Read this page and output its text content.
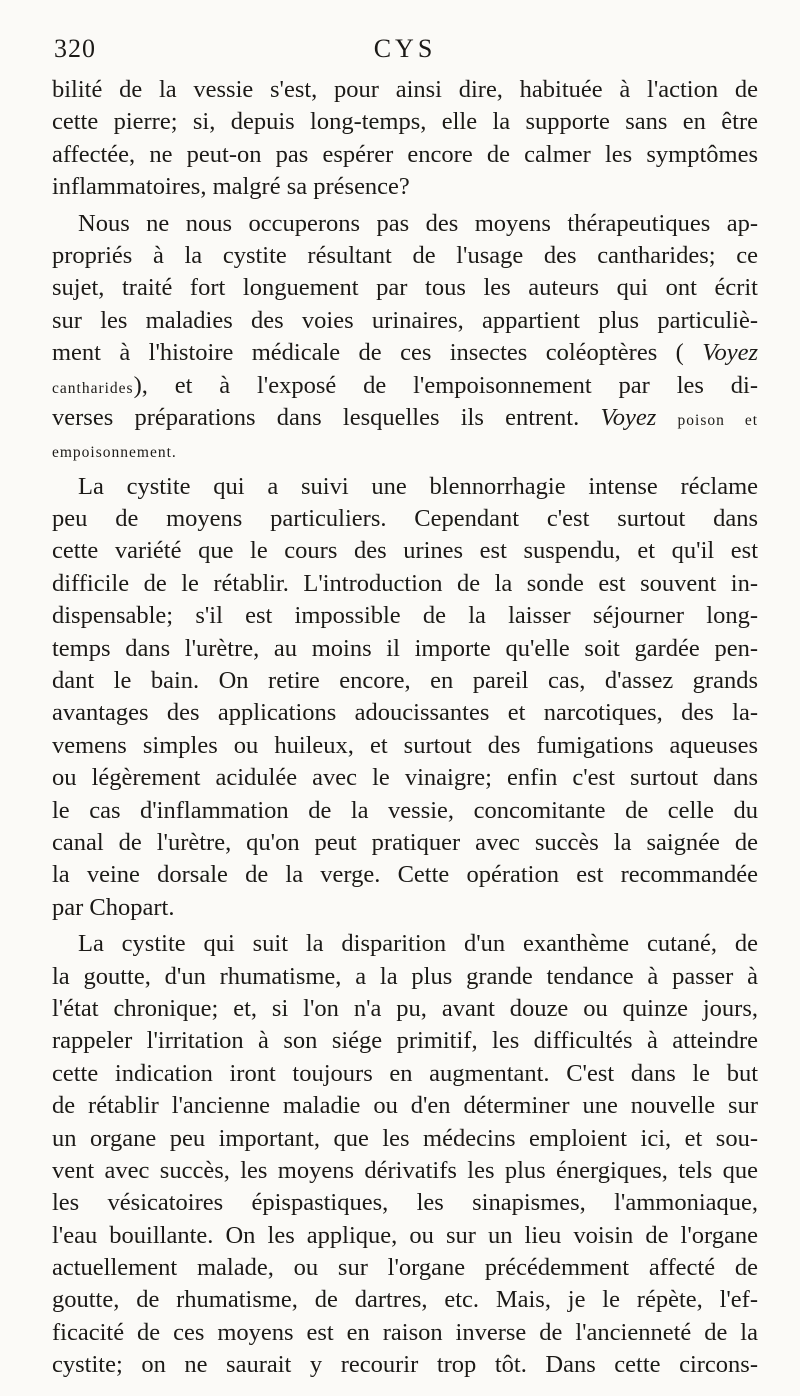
320	CYS
bilité de la vessie s'est, pour ainsi dire, habituée à l'action de
cette pierre; si, depuis long-temps, elle la supporte sans en être
affectée, ne peut-on pas espérer encore de calmer les symptômes
inflammatoires, malgré sa présence?
Nous ne nous occuperons pas des moyens thérapeutiques ap-
propriés à la cystite résultant de l'usage des cantharides; ce
sujet, traité fort longuement par tous les auteurs qui ont écrit
sur les maladies des voies urinaires, appartient plus particuliè-
ment à l'histoire médicale de ces insectes coléoptères ( Voyez
cantharides), et à l'exposé de l'empoisonnement par les di-
verses préparations dans lesquelles ils entrent. Voyez poison et
empoisonnement.
La cystite qui a suivi une blennorrhagie intense réclame
peu de moyens particuliers. Cependant c'est surtout dans
cette variété que le cours des urines est suspendu, et qu'il est
difficile de le rétablir. L'introduction de la sonde est souvent in-
dispensable; s'il est impossible de la laisser séjourner long-
temps dans l'urètre, au moins il importe qu'elle soit gardée pen-
dant le bain. On retire encore, en pareil cas, d'assez grands
avantages des applications adoucissantes et narcotiques, des la-
vemens simples ou huileux, et surtout des fumigations aqueuses
ou légèrement acidulée avec le vinaigre; enfin c'est surtout dans
le cas d'inflammation de la vessie, concomitante de celle du
canal de l'urètre, qu'on peut pratiquer avec succès la saignée de
la veine dorsale de la verge. Cette opération est recommandée
par Chopart.
La cystite qui suit la disparition d'un exanthème cutané, de
la goutte, d'un rhumatisme, a la plus grande tendance à passer à
l'état chronique; et, si l'on n'a pu, avant douze ou quinze jours,
rappeler l'irritation à son siége primitif, les difficultés à atteindre
cette indication iront toujours en augmentant. C'est dans le but
de rétablir l'ancienne maladie ou d'en déterminer une nouvelle sur
un organe peu important, que les médecins emploient ici, et sou-
vent avec succès, les moyens dérivatifs les plus énergiques, tels que
les vésicatoires épispastiques, les sinapismes, l'ammoniaque,
l'eau bouillante. On les applique, ou sur un lieu voisin de l'organe
actuellement malade, ou sur l'organe précédemment affecté de
goutte, de rhumatisme, de dartres, etc. Mais, je le répète, l'ef-
ficacité de ces moyens est en raison inverse de l'ancienneté de la
cystite; on ne saurait y recourir trop tôt. Dans cette circons-
